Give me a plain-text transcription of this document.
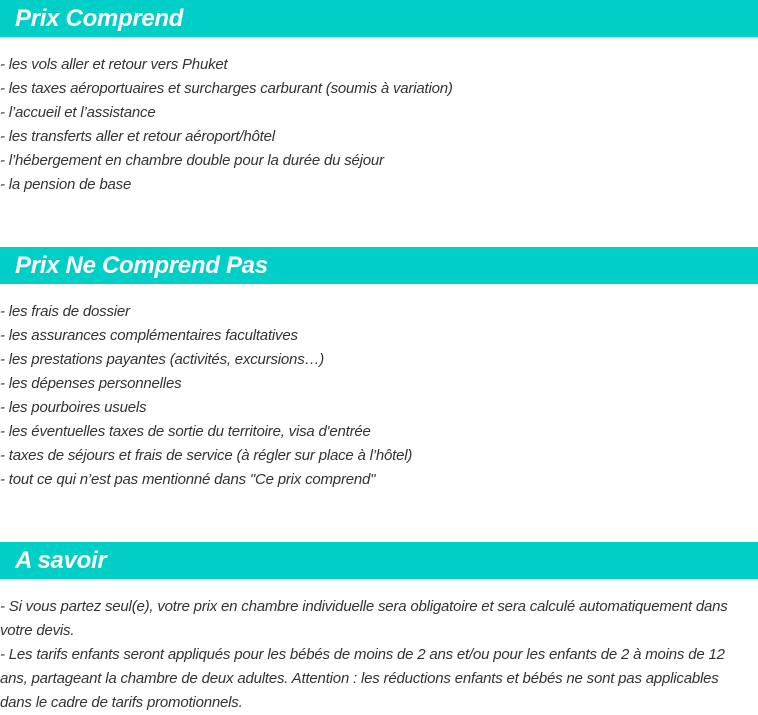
Prix Comprend
- les vols aller et retour vers Phuket
- les taxes aéroportuaires et surcharges carburant (soumis à variation)
- l’accueil et l’assistance
- les transferts aller et retour aéroport/hôtel
- l’hébergement en chambre double pour la durée du séjour
- la pension de base
Prix Ne Comprend Pas
- les frais de dossier
- les assurances complémentaires facultatives
- les prestations payantes (activités, excursions…)
- les dépenses personnelles
- les pourboires usuels
- les éventuelles taxes de sortie du territoire, visa d'entrée
- taxes de séjours et frais de service (à régler sur place à l’hôtel)
- tout ce qui n’est pas mentionné dans "Ce prix comprend"
A savoir

- Si vous partez seul(e), votre prix en chambre individuelle sera obligatoire et sera calculé automatiquement dans votre devis.

- Les tarifs enfants seront appliqués pour les bébés de moins de 2 ans et/ou pour les enfants de 2 à moins de 12 ans, partageant la chambre de deux adultes. Attention : les réductions enfants et bébés ne sont pas applicables dans le cadre de tarifs promotionnels.
